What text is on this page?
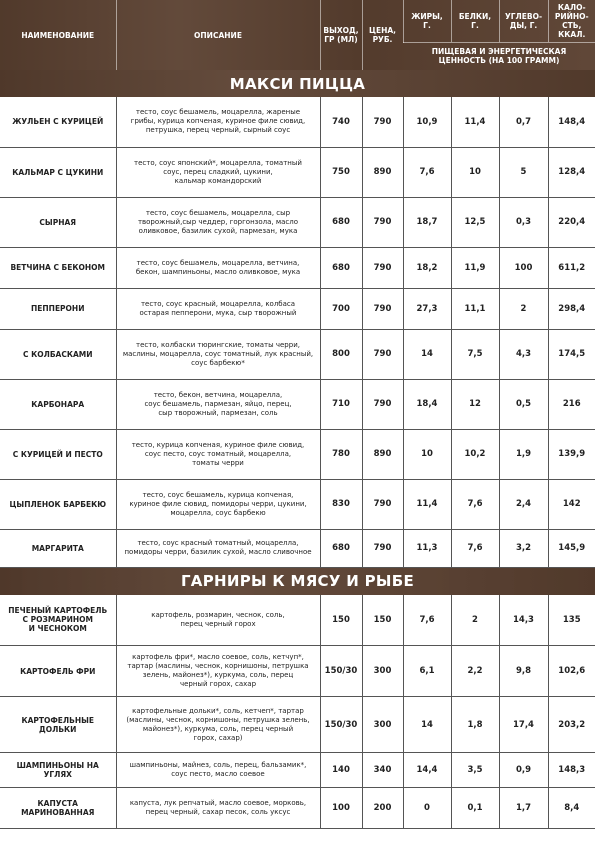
НАИМЕНОВАНИЕ	ОПИСАНИЕ	ВЫХОД,
ГР (МЛ)	ЦЕНА,
РУБ.	ЖИРЫ,
Г.	БЕЛКИ,
Г.	УГЛЕВО-
ДЫ, Г.	КАЛО-
РИЙНО-
СТЬ,
ККАЛ.
				ПИЩЕВАЯ И ЭНЕРГЕТИЧЕСКАЯ
ЦЕННОСТЬ (НА 100 ГРАММ)			
МАКСИ ПИЦЦА							
ЖУЛЬЕН С КУРИЦЕЙ	тесто, соус бешамель, моцарелла, жареные
грибы, курица копченая, куриное филе сювид,
петрушка, перец черный, сырный соус	740	790	10,9	11,4	0,7	148,4
КАЛЬМАР С ЦУКИНИ	тесто, соус японский*, моцарелла, томатный
соус, перец сладкий, цукини,
кальмар командорский	750	890	7,6	10	5	128,4
СЫРНАЯ	тесто, соус бешамель, моцарелла, сыр
творожный,сыр чеддер, горгонзола, масло
оливковое, базилик сухой, пармезан, мука	680	790	18,7	12,5	0,3	220,4
ВЕТЧИНА С БЕКОНОМ	тесто, соус бешамель, моцарелла, ветчина,
бекон, шампиньоны, масло оливковое, мука	680	790	18,2	11,9	100	611,2
ПЕППЕРОНИ	тесто, соус красный, моцарелла, колбаса
остарая пепперони, мука, сыр творожный	700	790	27,3	11,1	2	298,4
С КОЛБАСКАМИ	тесто, колбаски тюрингские, томаты черри,
маслины, моцарелла, соус томатный, лук красный,
соус барбекю*	800	790	14	7,5	4,3	174,5
КАРБОНАРА	тесто, бекон, ветчина, моцарелла,
соус бешамель, пармезан, яйцо, перец,
сыр творожный, пармезан, соль	710	790	18,4	12	0,5	216
С КУРИЦЕЙ И ПЕСТО	тесто, курица копченая, куриное филе сювид,
соус песто, соус томатный, моцарелла,
томаты черри	780	890	10	10,2	1,9	139,9
ЦЫПЛЕНОК БАРБЕКЮ	тесто, соус бешамель, курица копченая,
куриное филе сювид, помидоры черри, цукини,
моцарелла, соус барбекю	830	790	11,4	7,6	2,4	142
МАРГАРИТА	тесто, соус красный томатный, моцарелла,
помидоры черри, базилик сухой, масло сливочное	680	790	11,3	7,6	3,2	145,9
ГАРНИРЫ К МЯСУ И РЫБЕ							
ПЕЧЕНЫЙ КАРТОФЕЛЬ
С РОЗМАРИНОМ
И ЧЕСНОКОМ	картофель, розмарин, чеснок, соль,
перец черный горох	150	150	7,6	2	14,3	135
КАРТОФЕЛЬ ФРИ	картофель фри*, масло соевое, соль, кетчуп*,
тартар (маслины, чеснок, корнишоны, петрушка
зелень, майонез*), куркума, соль, перец
черный горох, сахар	150/30	300	6,1	2,2	9,8	102,6
КАРТОФЕЛЬНЫЕ ДОЛЬКИ	картофельные дольки*, соль, кетчеп*, тартар
(маслины, чеснок, корнишоны, петрушка зелень,
майонез*), куркума, соль, перец черный
горох, сахар)	150/30	300	14	1,8	17,4	203,2
ШАМПИНЬОНЫ НА УГЛЯХ	шампиньоны, майнез, соль, перец, бальзамик*,
соус песто, масло соевое	140	340	14,4	3,5	0,9	148,3
КАПУСТА МАРИНОВАННАЯ	капуста, лук репчатый, масло соевое, морковь,
перец черный, сахар песок, соль уксус	100	200	0	0,1	1,7	8,4
